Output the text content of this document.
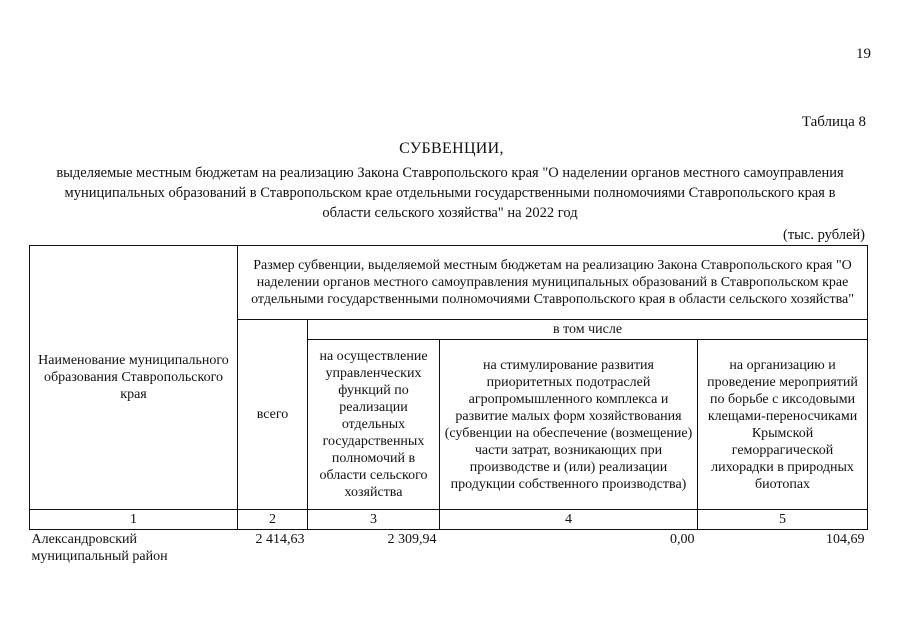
19
Таблица 8
СУБВЕНЦИИ,
выделяемые местным бюджетам на реализацию Закона Ставропольского края "О наделении органов местного самоуправления муниципальных образований в Ставропольском крае отдельными государственными полномочиями Ставропольского края в области сельского хозяйства" на 2022 год
(тыс. рублей)
Наименование муниципального образования Ставропольского края	Размер субвенции, выделяемой местным бюджетам на реализацию Закона Ставропольского края "О наделении органов местного самоуправления муниципальных образований в Ставропольском крае отдельными государственными полномочиями Ставропольского края в области сельского хозяйства"			
	всего	в том числе		
		на осуществление управленческих функций по реализации отдельных государственных полномочий в области сельского хозяйства	на стимулирование развития приоритетных подотраслей агропромышленного комплекса и развитие малых форм хозяйствования (субвенции на обеспечение (возмещение) части затрат, возникающих при производстве и (или) реализации продукции собственного производства)	на организацию и проведение мероприятий по борьбе с иксодовыми клещами-переносчиками Крымской геморрагической лихорадки в природных биотопах
1	2	3	4	5
Александровский муниципальный район	2 414,63	2 309,94	0,00	104,69
